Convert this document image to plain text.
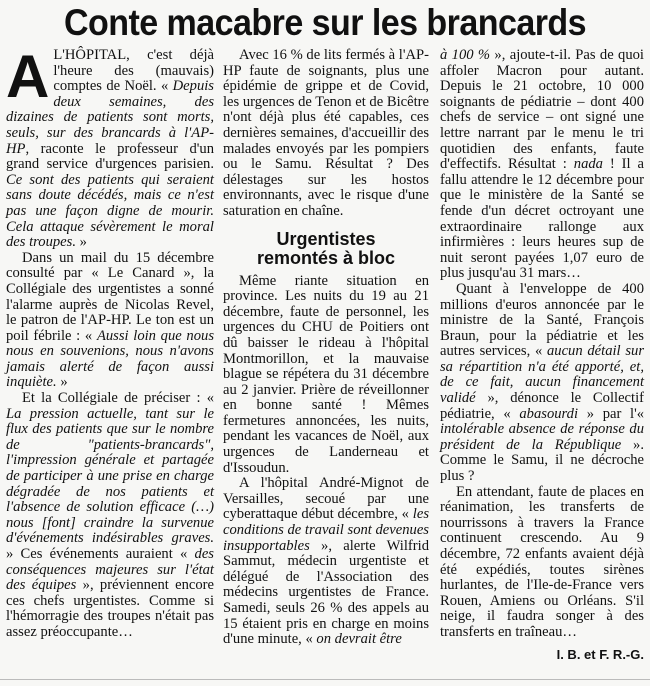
Conte macabre sur les brancards

A L'HÔPITAL, c'est déjà l'heure des (mauvais) comptes de Noël. « Depuis deux semaines, des dizaines de patients sont morts, seuls, sur des brancards à l'AP-HP, raconte le professeur d'un grand service d'urgences parisien. Ce sont des patients qui seraient sans doute décédés, mais ce n'est pas une façon digne de mourir. Cela attaque sévèrement le moral des troupes. »

Dans un mail du 15 décembre consulté par « Le Canard », la Collégiale des urgentistes a sonné l'alarme auprès de Nicolas Revel, le patron de l'AP-HP. Le ton est un poil fébrile : « Aussi loin que nous nous en souvenions, nous n'avons jamais alerté de façon aussi inquiète. »

Et la Collégiale de préciser : « La pression actuelle, tant sur le flux des patients que sur le nombre de "patients-brancards", l'impression générale et partagée de participer à une prise en charge dégradée de nos patients et l'absence de solution efficace (…) nous [font] craindre la survenue d'événements indésirables graves. » Ces événements auraient « des conséquences majeures sur l'état des équipes », préviennent encore ces chefs urgentistes. Comme si l'hémorragie des troupes n'était pas assez préoccupante…

Avec 16 % de lits fermés à l'AP-HP faute de soignants, plus une épidémie de grippe et de Covid, les urgences de Tenon et de Bicêtre n'ont déjà plus été capables, ces dernières semaines, d'accueillir des malades envoyés par les pompiers ou le Samu. Résultat ? Des délestages sur les hostos environnants, avec le risque d'une saturation en chaîne.

Urgentistes
remontés à bloc

Même riante situation en province. Les nuits du 19 au 21 décembre, faute de personnel, les urgences du CHU de Poitiers ont dû baisser le rideau à l'hôpital Montmorillon, et la mauvaise blague se répétera du 31 décembre au 2 janvier. Prière de réveillonner en bonne santé ! Mêmes fermetures annoncées, les nuits, pendant les vacances de Noël, aux urgences de Landerneau et d'Issoudun.

A l'hôpital André-Mignot de Versailles, secoué par une cyberattaque début décembre, « les conditions de travail sont devenues insupportables », alerte Wilfrid Sammut, médecin urgentiste et délégué de l'Association des médecins urgentistes de France. Samedi, seuls 26 % des appels au 15 étaient pris en charge en moins d'une minute, « on devrait être

à 100 % », ajoute-t-il. Pas de quoi affoler Macron pour autant. Depuis le 21 octobre, 10 000 soignants de pédiatrie – dont 400 chefs de service – ont signé une lettre narrant par le menu le tri quotidien des enfants, faute d'effectifs. Résultat : nada ! Il a fallu attendre le 12 décembre pour que le ministère de la Santé se fende d'un décret octroyant une extraordinaire rallonge aux infirmières : leurs heures sup de nuit seront payées 1,07 euro de plus jusqu'au 31 mars…

Quant à l'enveloppe de 400 millions d'euros annoncée par le ministre de la Santé, François Braun, pour la pédiatrie et les autres services, « aucun détail sur sa répartition n'a été apporté, et, de ce fait, aucun financement validé », dénonce le Collectif pédiatrie, « abasourdi » par l'« intolérable absence de réponse du président de la République ». Comme le Samu, il ne décroche plus ?

En attendant, faute de places en réanimation, les transferts de nourrissons à travers la France continuent crescendo. Au 9 décembre, 72 enfants avaient déjà été expédiés, toutes sirènes hurlantes, de l'Ile-de-France vers Rouen, Amiens ou Orléans. S'il neige, il faudra songer à des transferts en traîneau…

I. B. et F. R.-G.
